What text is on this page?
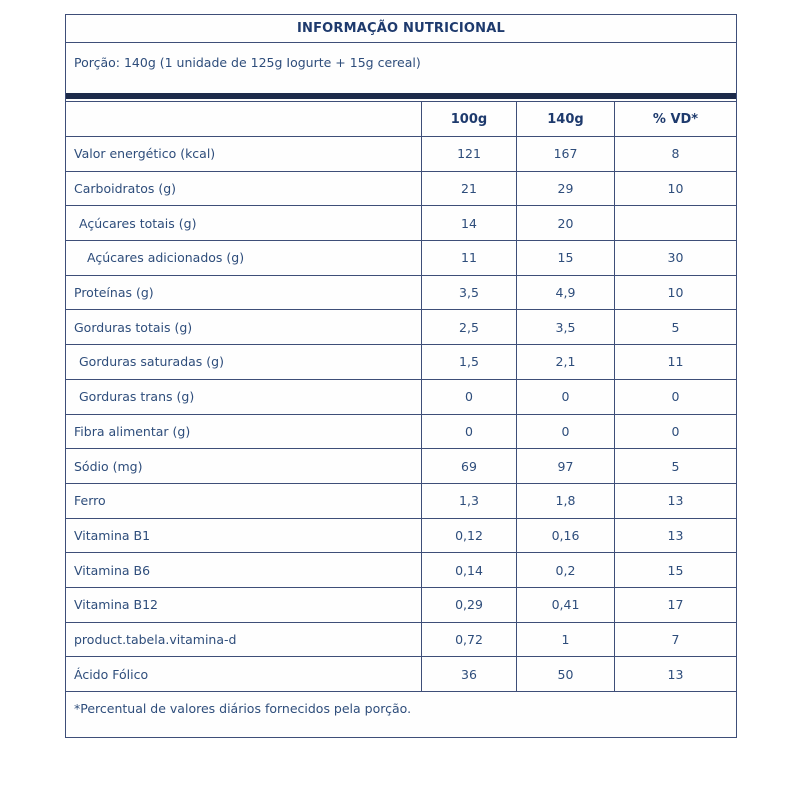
INFORMAÇÃO NUTRICIONAL
Porção: 140g (1 unidade de 125g Iogurte + 15g cereal)
100g	140g	% VD*
Valor energético (kcal)	121	167	8
Carboidratos (g)	21	29	10
Açúcares totais (g)	14	20
Açúcares adicionados (g)	11	15	30
Proteínas (g)	3,5	4,9	10
Gorduras totais (g)	2,5	3,5	5
Gorduras saturadas (g)	1,5	2,1	11
Gorduras trans (g)	0	0	0
Fibra alimentar (g)	0	0	0
Sódio (mg)	69	97	5
Ferro	1,3	1,8	13
Vitamina B1	0,12	0,16	13
Vitamina B6	0,14	0,2	15
Vitamina B12	0,29	0,41	17
product.tabela.vitamina-d	0,72	1	7
Ácido Fólico	36	50	13
*Percentual de valores diários fornecidos pela porção.
